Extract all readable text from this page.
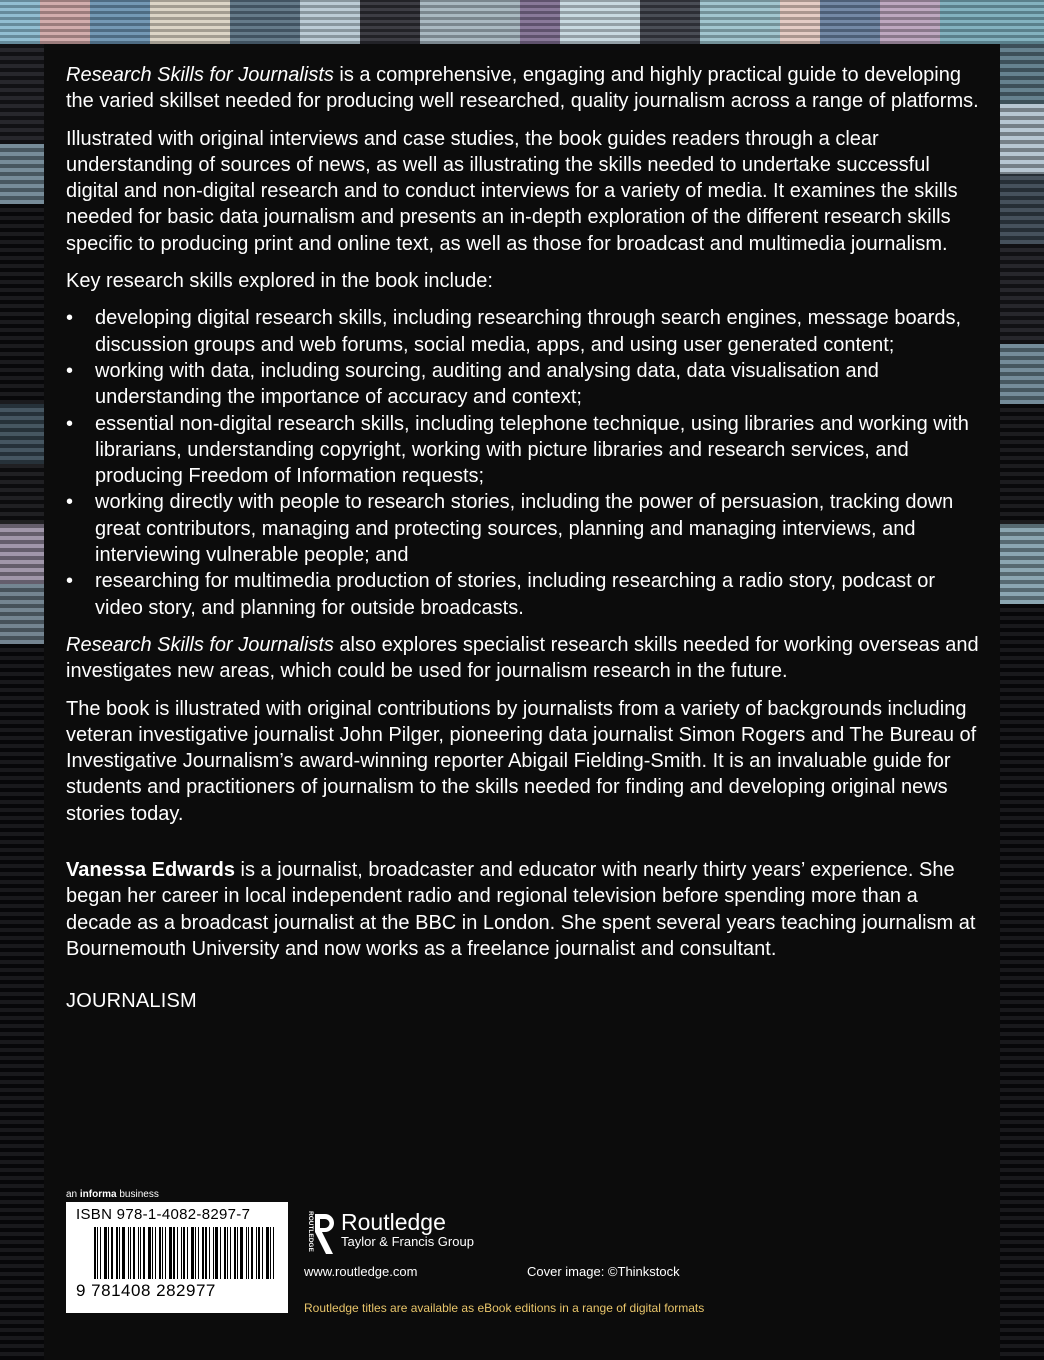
Research Skills for Journalists is a comprehensive, engaging and highly practical guide to developing the varied skillset needed for producing well researched, quality journalism across a range of platforms.

Illustrated with original interviews and case studies, the book guides readers through a clear understanding of sources of news, as well as illustrating the skills needed to undertake successful digital and non-digital research and to conduct interviews for a variety of media. It examines the skills needed for basic data journalism and presents an in-depth exploration of the different research skills specific to producing print and online text, as well as those for broadcast and multimedia journalism.

Key research skills explored in the book include:

• developing digital research skills, including researching through search engines, message boards, discussion groups and web forums, social media, apps, and using user generated content;
• working with data, including sourcing, auditing and analysing data, data visualisation and understanding the importance of accuracy and context;
• essential non-digital research skills, including telephone technique, using libraries and working with librarians, understanding copyright, working with picture libraries and research services, and producing Freedom of Information requests;
• working directly with people to research stories, including the power of persuasion, tracking down great contributors, managing and protecting sources, planning and managing interviews, and interviewing vulnerable people; and
• researching for multimedia production of stories, including researching a radio story, podcast or video story, and planning for outside broadcasts.

Research Skills for Journalists also explores specialist research skills needed for working overseas and investigates new areas, which could be used for journalism research in the future.

The book is illustrated with original contributions by journalists from a variety of backgrounds including veteran investigative journalist John Pilger, pioneering data journalist Simon Rogers and The Bureau of Investigative Journalism’s award-winning reporter Abigail Fielding-Smith. It is an invaluable guide for students and practitioners of journalism to the skills needed for finding and developing original news stories today.

Vanessa Edwards is a journalist, broadcaster and educator with nearly thirty years’ experience. She began her career in local independent radio and regional television before spending more than a decade as a broadcast journalist at the BBC in London. She spent several years teaching journalism at Bournemouth University and now works as a freelance journalist and consultant.

JOURNALISM

an informa business
ISBN 978-1-4082-8297-7
9 781408 282977
ROUTLEDGE Routledge
Taylor & Francis Group
www.routledge.com	Cover image: ©Thinkstock
Routledge titles are available as eBook editions in a range of digital formats
